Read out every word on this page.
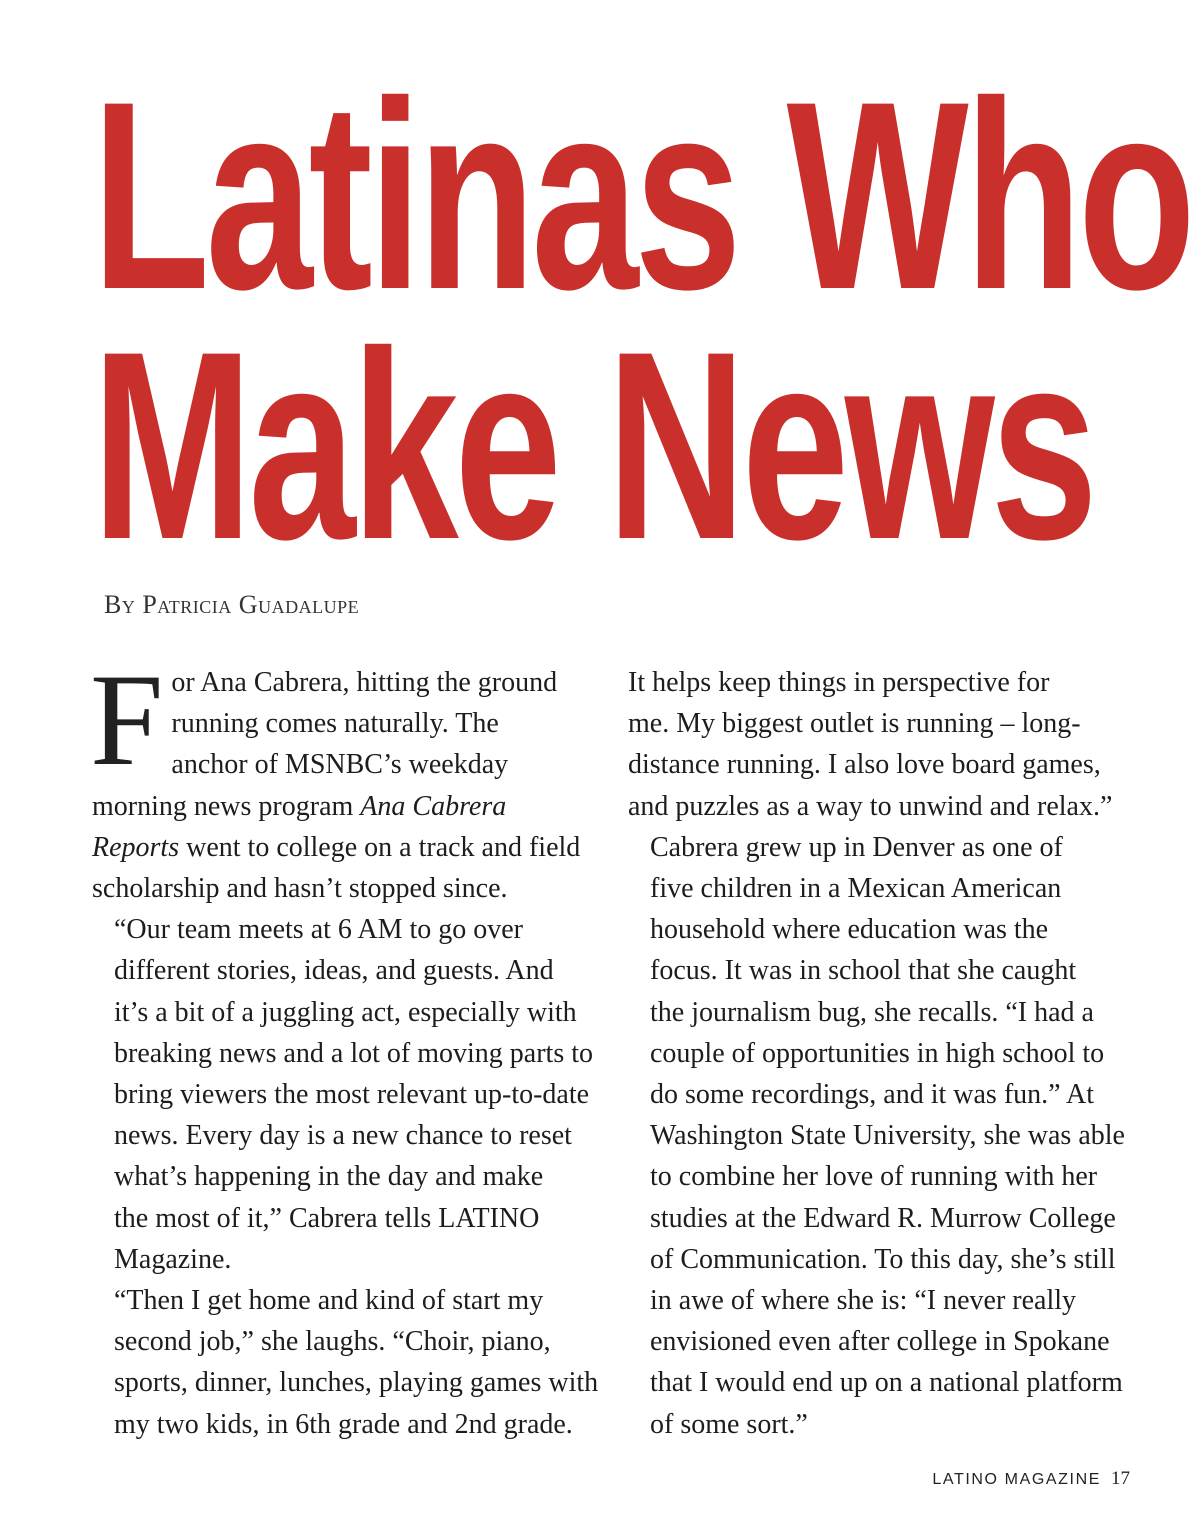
Latinas Who
Make News
By Patricia Guadalupe

F or Ana Cabrera, hitting the ground
running comes naturally. The
anchor of MSNBC’s weekday
morning news program Ana Cabrera
Reports went to college on a track and field
scholarship and hasn’t stopped since.

“Our team meets at 6 AM to go over
different stories, ideas, and guests. And
it’s a bit of a juggling act, especially with
breaking news and a lot of moving parts to
bring viewers the most relevant up-to-date
news. Every day is a new chance to reset
what’s happening in the day and make
the most of it,” Cabrera tells LATINO
Magazine.

“Then I get home and kind of start my
second job,” she laughs. “Choir, piano,
sports, dinner, lunches, playing games with
my two kids, in 6th grade and 2nd grade.

It helps keep things in perspective for
me. My biggest outlet is running – long-
distance running. I also love board games,
and puzzles as a way to unwind and relax.”

Cabrera grew up in Denver as one of
five children in a Mexican American
household where education was the
focus. It was in school that she caught
the journalism bug, she recalls. “I had a
couple of opportunities in high school to
do some recordings, and it was fun.” At
Washington State University, she was able
to combine her love of running with her
studies at the Edward R. Murrow College
of Communication. To this day, she’s still
in awe of where she is: “I never really
envisioned even after college in Spokane
that I would end up on a national platform
of some sort.”

LATINO MAGAZINE 17
